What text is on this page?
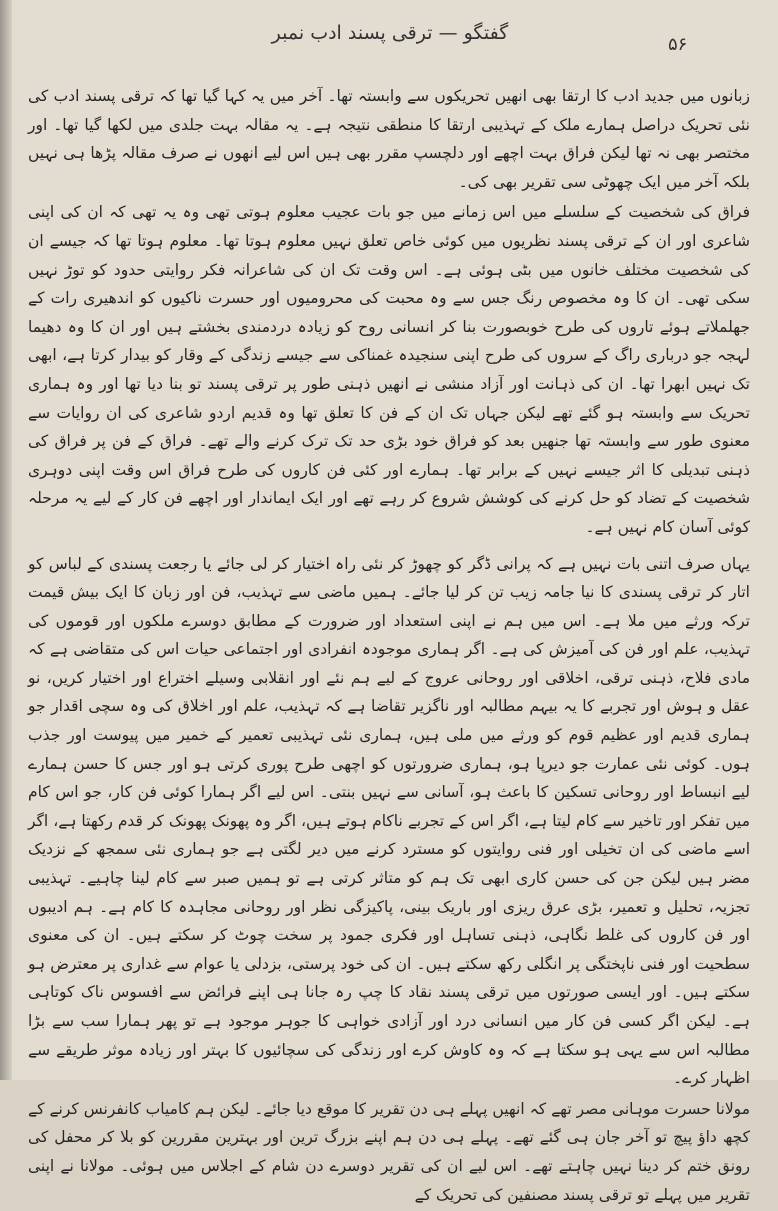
گفتگو — ترقی پسند ادب نمبر
۵۶

زبانوں میں جدید ادب کا ارتقا بھی انھیں تحریکوں سے وابستہ تھا۔ آخر میں یہ کہا گیا تھا کہ ترقی پسند ادب کی نئی تحریک دراصل ہمارے ملک کے تہذیبی ارتقا کا منطقی نتیجہ ہے۔ یہ مقالہ بہت جلدی میں لکھا گیا تھا۔ اور مختصر بھی نہ تھا لیکن فراق بہت اچھے اور دلچسپ مقرر بھی ہیں اس لیے انھوں نے صرف مقالہ پڑھا ہی نہیں بلکہ آخر میں ایک چھوٹی سی تقریر بھی کی۔

فراق کی شخصیت کے سلسلے میں اس زمانے میں جو بات عجیب معلوم ہوتی تھی وہ یہ تھی کہ ان کی اپنی شاعری اور ان کے ترقی پسند نظریوں میں کوئی خاص تعلق نہیں معلوم ہوتا تھا۔ معلوم ہوتا تھا کہ جیسے ان کی شخصیت مختلف خانوں میں بٹی ہوئی ہے۔ اس وقت تک ان کی شاعرانہ فکر روایتی حدود کو توڑ نہیں سکی تھی۔ ان کا وہ مخصوص رنگ جس سے وہ محبت کی محرومیوں اور حسرت ناکیوں کو اندھیری رات کے جھلملاتے ہوئے تاروں کی طرح خوبصورت بنا کر انسانی روح کو زیادہ دردمندی بخشتے ہیں اور ان کا وہ دھیما لہجہ جو درباری راگ کے سروں کی طرح اپنی سنجیدہ غمناکی سے جیسے زندگی کے وقار کو بیدار کرتا ہے، ابھی تک نہیں ابھرا تھا۔ ان کی ذہانت اور آزاد منشی نے انھیں ذہنی طور پر ترقی پسند تو بنا دیا تھا اور وہ ہماری تحریک سے وابستہ ہو گئے تھے لیکن جہاں تک ان کے فن کا تعلق تھا وہ قدیم اردو شاعری کی ان روایات سے معنوی طور سے وابستہ تھا جنھیں بعد کو فراق خود بڑی حد تک ترک کرنے والے تھے۔ فراق کے فن پر فراق کی ذہنی تبدیلی کا اثر جیسے نہیں کے برابر تھا۔ ہمارے اور کئی فن کاروں کی طرح فراق اس وقت اپنی دوہری شخصیت کے تضاد کو حل کرنے کی کوشش شروع کر رہے تھے اور ایک ایماندار اور اچھے فن کار کے لیے یہ مرحلہ کوئی آسان کام نہیں ہے۔

یہاں صرف اتنی بات نہیں ہے کہ پرانی ڈگر کو چھوڑ کر نئی راہ اختیار کر لی جائے یا رجعت پسندی کے لباس کو اتار کر ترقی پسندی کا نیا جامہ زیب تن کر لیا جائے۔ ہمیں ماضی سے تہذیب، فن اور زبان کا ایک بیش قیمت ترکہ ورثے میں ملا ہے۔ اس میں ہم نے اپنی استعداد اور ضرورت کے مطابق دوسرے ملکوں اور قوموں کی تہذیب، علم اور فن کی آمیزش کی ہے۔ اگر ہماری موجودہ انفرادی اور اجتماعی حیات اس کی متقاضی ہے کہ مادی فلاح، ذہنی ترقی، اخلاقی اور روحانی عروج کے لیے ہم نئے اور انقلابی وسیلے اختراع اور اختیار کریں، نو عقل و ہوش اور تجربے کا یہ بیہم مطالبہ اور ناگزیر تقاضا ہے کہ تہذیب، علم اور اخلاق کی وہ سچی اقدار جو ہماری قدیم اور عظیم قوم کو ورثے میں ملی ہیں، ہماری نئی تہذیبی تعمیر کے خمیر میں پیوست اور جذب ہوں۔ کوئی نئی عمارت جو دیرپا ہو، ہماری ضرورتوں کو اچھی طرح پوری کرتی ہو اور جس کا حسن ہمارے لیے انبساط اور روحانی تسکین کا باعث ہو، آسانی سے نہیں بنتی۔ اس لیے اگر ہمارا کوئی فن کار، جو اس کام میں تفکر اور تاخیر سے کام لیتا ہے، اگر اس کے تجربے ناکام ہوتے ہیں، اگر وہ پھونک پھونک کر قدم رکھتا ہے، اگر اسے ماضی کی ان تخیلی اور فنی روایتوں کو مسترد کرنے میں دیر لگتی ہے جو ہماری نئی سمجھ کے نزدیک مضر ہیں لیکن جن کی حسن کاری ابھی تک ہم کو متاثر کرتی ہے تو ہمیں صبر سے کام لینا چاہیے۔ تہذیبی تجزیہ، تحلیل و تعمیر، بڑی عرق ریزی اور باریک بینی، پاکیزگی نظر اور روحانی مجاہدہ کا کام ہے۔ ہم ادیبوں اور فن کاروں کی غلط نگاہی، ذہنی تساہل اور فکری جمود پر سخت چوٹ کر سکتے ہیں۔ ان کی معنوی سطحیت اور فنی ناپختگی پر انگلی رکھ سکتے ہیں۔ ان کی خود پرستی، بزدلی یا عوام سے غداری پر معترض ہو سکتے ہیں۔ اور ایسی صورتوں میں ترقی پسند نقاد کا چپ رہ جانا ہی اپنے فرائض سے افسوس ناک کوتاہی ہے۔ لیکن اگر کسی فن کار میں انسانی درد اور آزادی خواہی کا جوہر موجود ہے تو پھر ہمارا سب سے بڑا مطالبہ اس سے یہی ہو سکتا ہے کہ وہ کاوش کرے اور زندگی کی سچائیوں کا بہتر اور زیادہ موثر طریقے سے اظہار کرے۔

مولانا حسرت موہانی مصر تھے کہ انھیں پہلے ہی دن تقریر کا موقع دیا جائے۔ لیکن ہم کامیاب کانفرنس کرنے کے کچھ داؤ پیچ تو آخر جان ہی گئے تھے۔ پہلے ہی دن ہم اپنے بزرگ ترین اور بہترین مقررین کو بلا کر محفل کی رونق ختم کر دینا نہیں چاہتے تھے۔ اس لیے ان کی تقریر دوسرے دن شام کے اجلاس میں ہوئی۔ مولانا نے اپنی تقریر میں پہلے تو ترقی پسند مصنفین کی تحریک کے
